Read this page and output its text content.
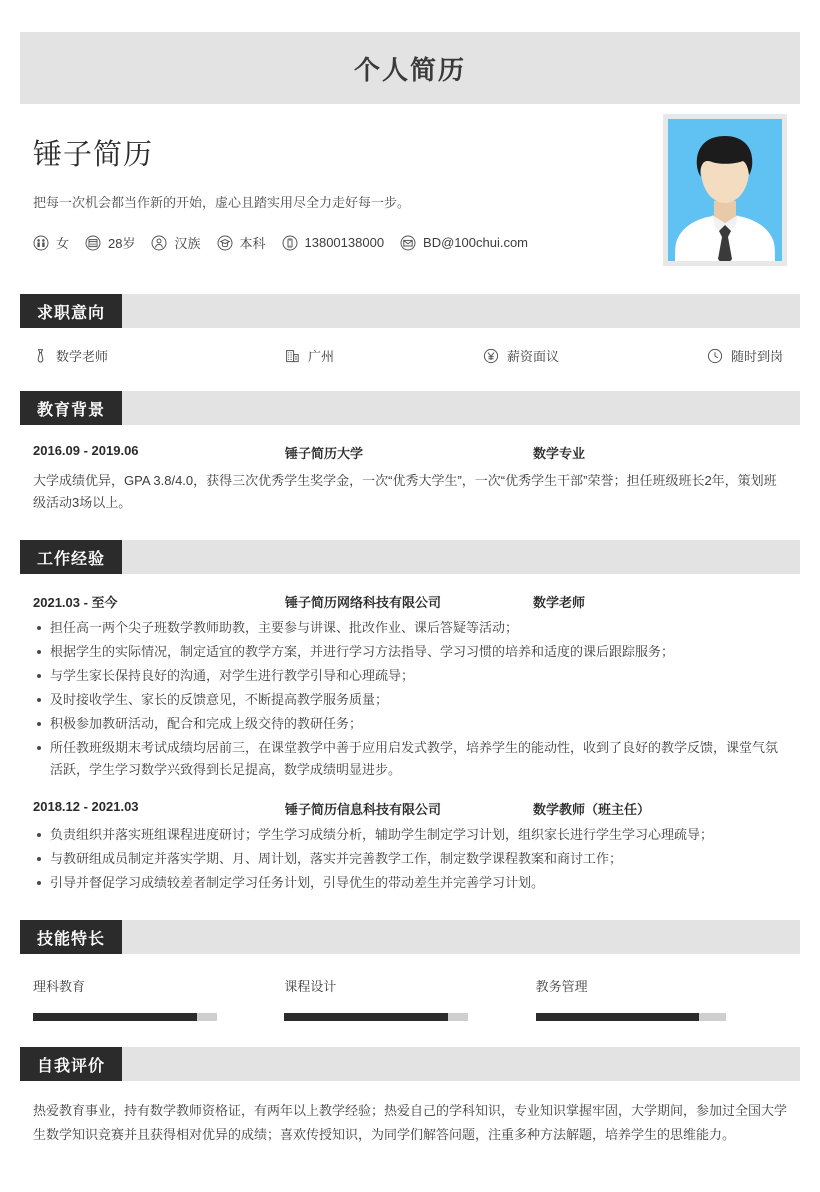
个人简历
锤子简历
把每一次机会都当作新的开始，虚心且踏实用尽全力走好每一步。
女	28岁	汉族	本科	13800138000	BD@100chui.com
求职意向
数学老师	广州	薪资面议	随时到岗
教育背景
2016.09 - 2019.06	锤子简历大学	数学专业
大学成绩优异，GPA 3.8/4.0，获得三次优秀学生奖学金，一次“优秀大学生”，一次“优秀学生干部”荣誉；担任班级班长2年，策划班级活动3场以上。
工作经验
2021.03 - 至今	锤子简历网络科技有限公司	数学老师
担任高一两个尖子班数学教师助教，主要参与讲课、批改作业、课后答疑等活动；
根据学生的实际情况，制定适宜的教学方案，并进行学习方法指导、学习习惯的培养和适度的课后跟踪服务；
与学生家长保持良好的沟通，对学生进行教学引导和心理疏导；
及时接收学生、家长的反馈意见，不断提高教学服务质量；
积极参加教研活动，配合和完成上级交待的教研任务；
所任教班级期末考试成绩均居前三，在课堂教学中善于应用启发式教学，培养学生的能动性，收到了良好的教学反馈，课堂气氛活跃，学生学习数学兴致得到长足提高，数学成绩明显进步。
2018.12 - 2021.03	锤子简历信息科技有限公司	数学教师（班主任）
负责组织并落实班组课程进度研讨；学生学习成绩分析，辅助学生制定学习计划，组织家长进行学生学习心理疏导；
与教研组成员制定并落实学期、月、周计划，落实并完善教学工作，制定数学课程教案和商讨工作；
引导并督促学习成绩较差者制定学习任务计划，引导优生的带动差生并完善学习计划。
技能特长
理科教育	课程设计	教务管理
自我评价
热爱教育事业，持有数学教师资格证，有两年以上教学经验；热爱自己的学科知识，专业知识掌握牢固，大学期间，参加过全国大学生数学知识竞赛并且获得相对优异的成绩；喜欢传授知识，为同学们解答问题，注重多种方法解题，培养学生的思维能力。
